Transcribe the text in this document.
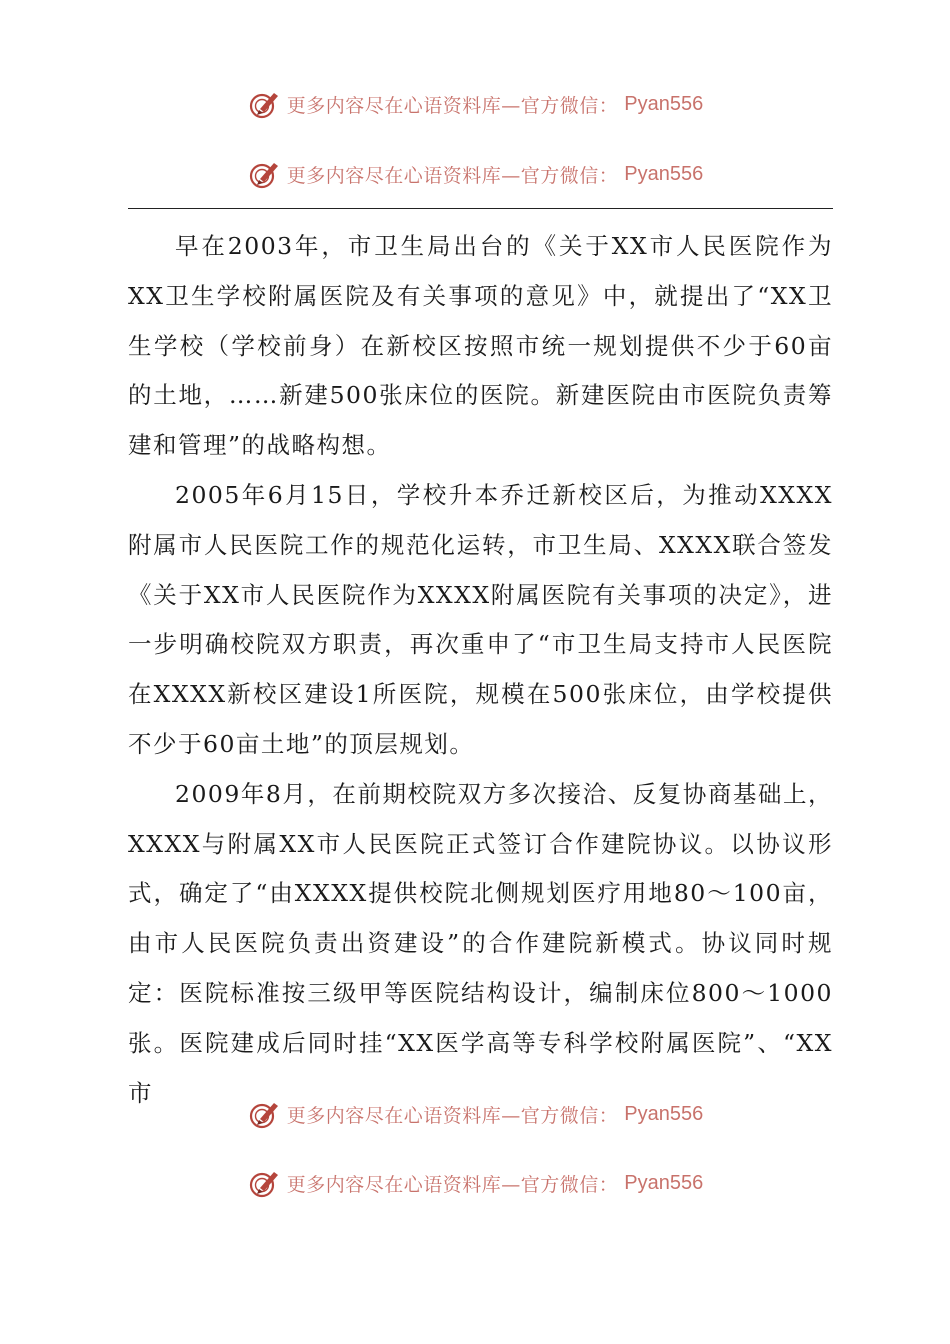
更多内容尽在心语资料库—官方微信： Pyan556
更多内容尽在心语资料库—官方微信： Pyan556

早在2003年，市卫生局出台的《关于XX市人民医院作为XX卫生学校附属医院及有关事项的意见》中，就提出了“XX卫生学校（学校前身）在新校区按照市统一规划提供不少于60亩的土地，……新建500张床位的医院。新建医院由市医院负责筹建和管理”的战略构想。

2005年6月15日，学校升本乔迁新校区后，为推动XXXX附属市人民医院工作的规范化运转，市卫生局、XXXX联合签发《关于XX市人民医院作为XXXX附属医院有关事项的决定》，进一步明确校院双方职责，再次重申了“市卫生局支持市人民医院在XXXX新校区建设1所医院，规模在500张床位，由学校提供不少于60亩土地”的顶层规划。

2009年8月，在前期校院双方多次接洽、反复协商基础上，XXXX与附属XX市人民医院正式签订合作建院协议。以协议形式，确定了“由XXXX提供校院北侧规划医疗用地80～100亩，由市人民医院负责出资建设”的合作建院新模式。协议同时规定：医院标准按三级甲等医院结构设计，编制床位800～1000张。医院建成后同时挂“XX医学高等专科学校附属医院”、“XX市

更多内容尽在心语资料库—官方微信： Pyan556
更多内容尽在心语资料库—官方微信： Pyan556
